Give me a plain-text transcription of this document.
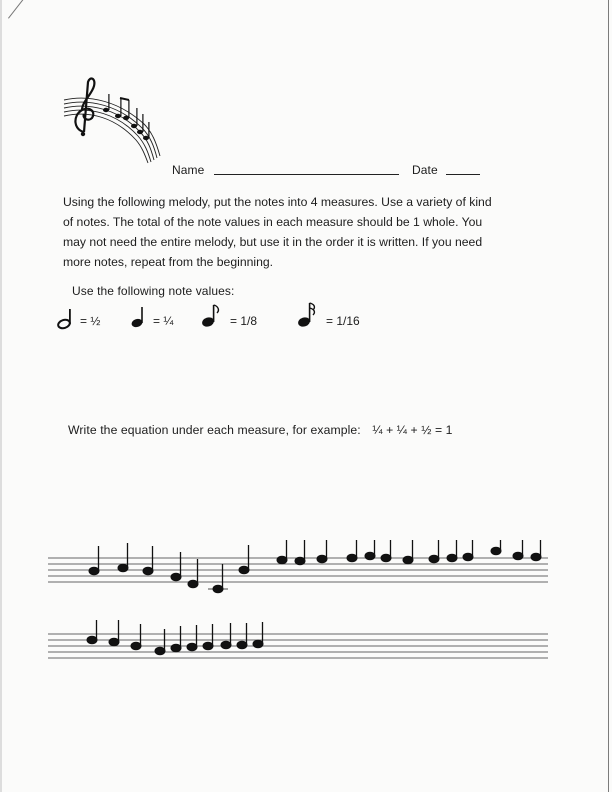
Name	Date
Using the following melody, put the notes into 4 measures. Use a variety of kind
of notes. The total of the note values in each measure should be 1 whole. You
may not need the entire melody, but use it in the order it is written. If you need
more notes, repeat from the beginning.
Use the following note values:
= ½	= ¼	= 1/8	= 1/16
Write the equation under each measure, for example: ¼ + ¼ + ½ = 1
